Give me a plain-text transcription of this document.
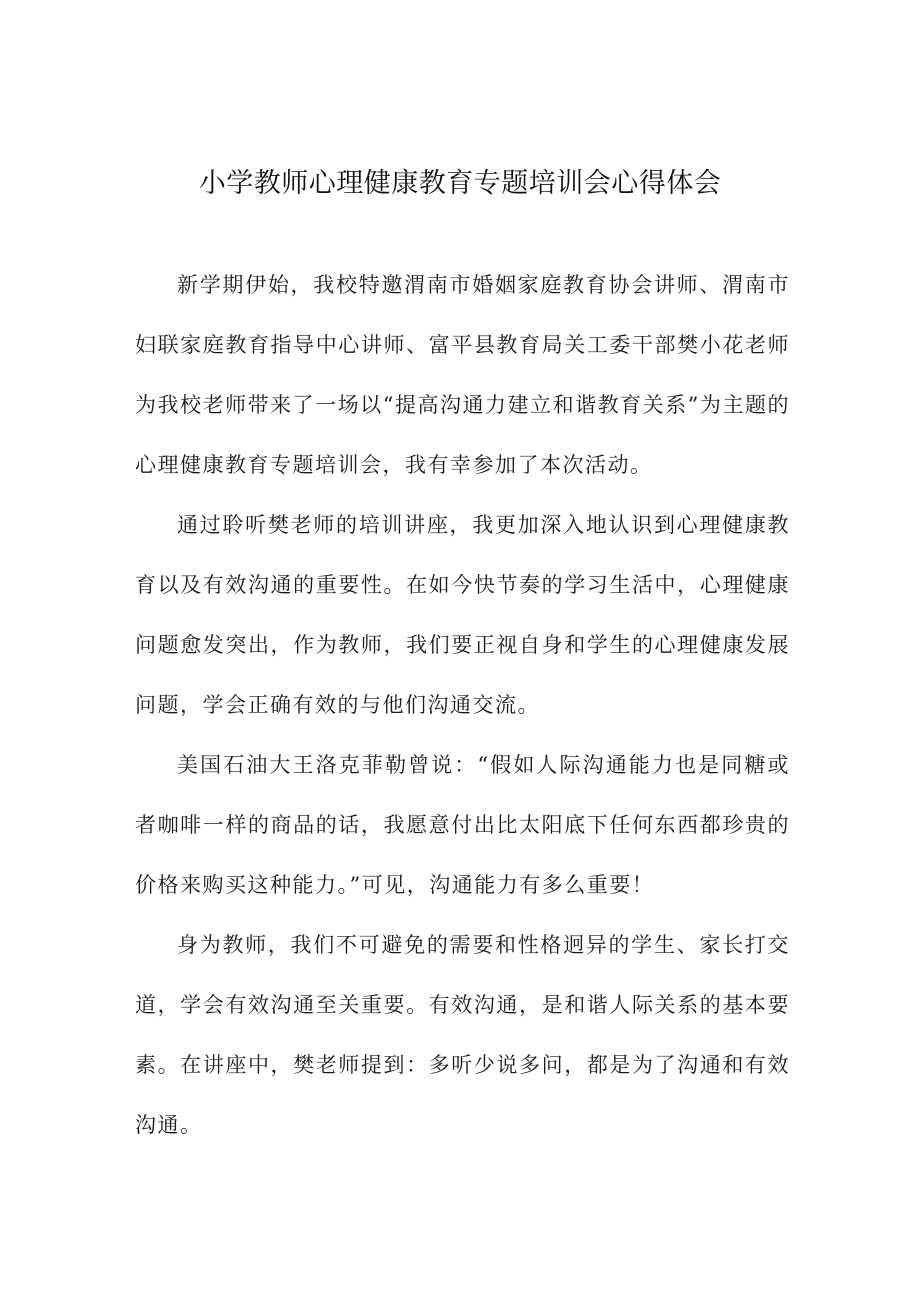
小学教师心理健康教育专题培训会心得体会

新学期伊始，我校特邀渭南市婚姻家庭教育协会讲师、渭南市妇联家庭教育指导中心讲师、富平县教育局关工委干部樊小花老师为我校老师带来了一场以“提高沟通力建立和谐教育关系”为主题的心理健康教育专题培训会，我有幸参加了本次活动。

通过聆听樊老师的培训讲座，我更加深入地认识到心理健康教育以及有效沟通的重要性。在如今快节奏的学习生活中，心理健康问题愈发突出，作为教师，我们要正视自身和学生的心理健康发展问题，学会正确有效的与他们沟通交流。

美国石油大王洛克菲勒曾说：“假如人际沟通能力也是同糖或者咖啡一样的商品的话，我愿意付出比太阳底下任何东西都珍贵的价格来购买这种能力。”可见，沟通能力有多么重要！

身为教师，我们不可避免的需要和性格迥异的学生、家长打交道，学会有效沟通至关重要。有效沟通，是和谐人际关系的基本要素。在讲座中，樊老师提到：多听少说多问，都是为了沟通和有效沟通。
